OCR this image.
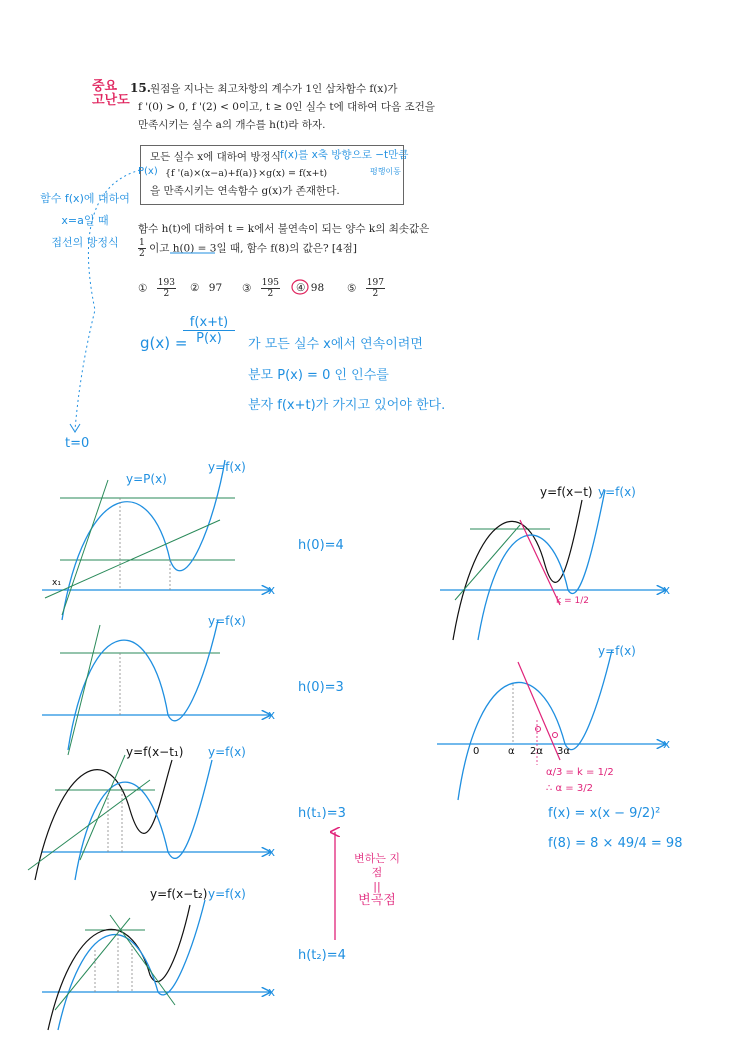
중요
고난도
15. 원점을 지나는 최고차항의 계수가 1인 삼차함수 f(x)가
f '(0) > 0, f '(2) < 0이고, t ≥ 0인 실수 t에 대하여 다음 조건을
만족시키는 실수 a의 개수를 h(t)라 하자.
모든 실수 x에 대하여 방정식
{f '(a)×(x−a)+f(a)}×g(x) = f(x+t)
을 만족시키는 연속함수 g(x)가 존재한다.
f(x)를 x축 방향으로 −t만큼
평행이동
P(x)
함수 f(x)에 대하여
x=a일 때
접선의 방정식
함수 h(t)에 대하여 t = k에서 불연속이 되는 양수 k의 최솟값은
$\frac{1}{2}$ 이고 h(0) = 3일 때, 함수 f(8)의 값은? [4점]
① $\frac{193}{2}$ ② 97 ③ $\frac{195}{2}$ ④ 98 ⑤ $\frac{197}{2}$
g(x) =
$\frac{f(x+t)}{P(x)}$ 가 모든 실수 x에서 연속이려면
분모 P(x) = 0 인 인수를
분자 f(x+t)가 가지고 있어야 한다.
t=0
y=P(x)
y=f(x)
x₁	x
h(0)=4
y=f(x)
x
h(0)=3
y=f(x−t₁) y=f(x)
x
h(t₁)=3
y=f(x−t₂) y=f(x)
x
h(t₂)=4
변하는 지점
||
변곡점
y=f(x−t) y=f(x)
k = 1/2
x
y=f(x)
0	α 2α 3α
x
α/3 = k = 1/2
∴ α = 3/2
f(x) = x(x − 9/2)²
f(8) = 8 × 49/4 = 98
